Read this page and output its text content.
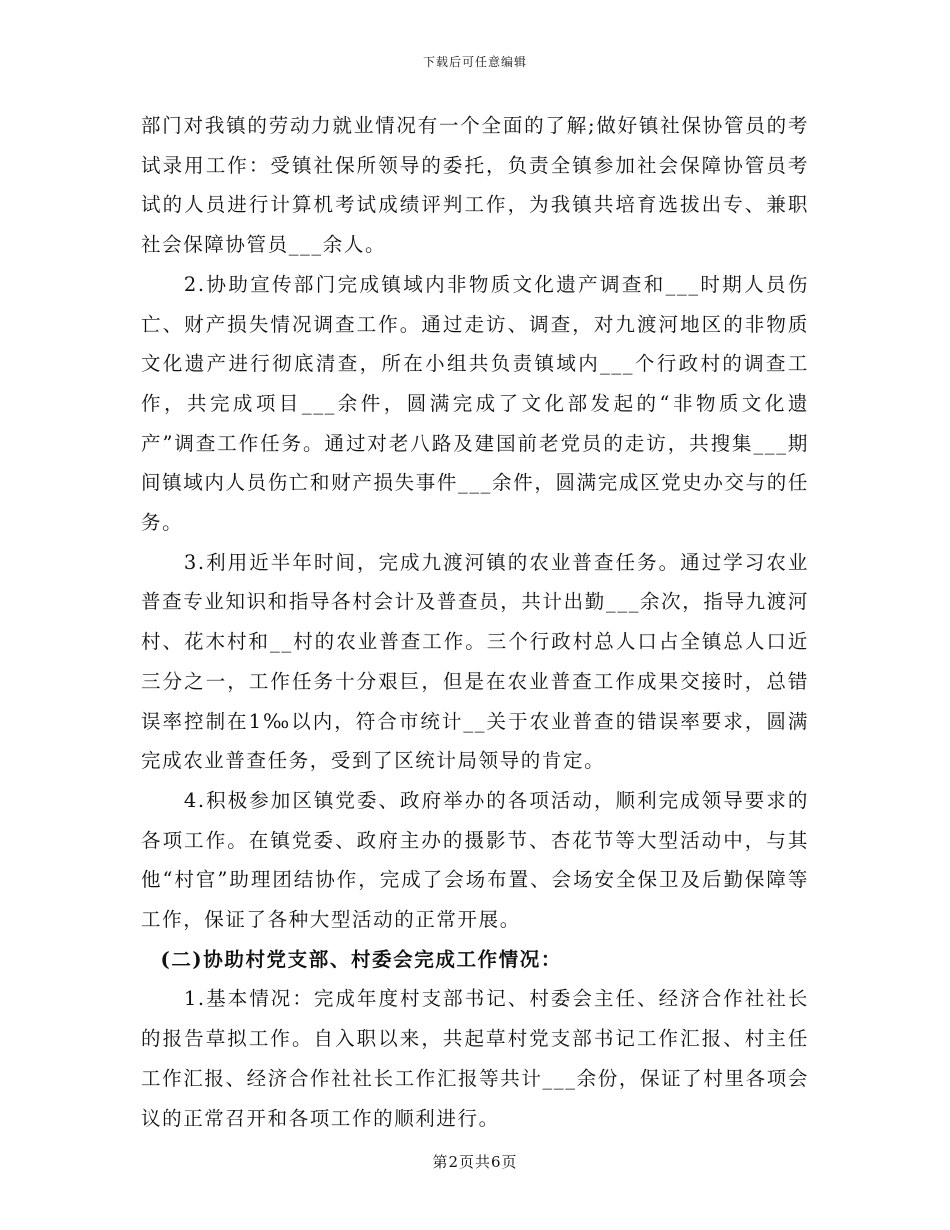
下载后可任意编辑

部门对我镇的劳动力就业情况有一个全面的了解;做好镇社保协管员的考试录用工作：受镇社保所领导的委托，负责全镇参加社会保障协管员考试的人员进行计算机考试成绩评判工作，为我镇共培育选拔出专、兼职社会保障协管员___余人。

2.协助宣传部门完成镇域内非物质文化遗产调查和___时期人员伤亡、财产损失情况调查工作。通过走访、调查，对九渡河地区的非物质文化遗产进行彻底清查，所在小组共负责镇域内___个行政村的调查工作，共完成项目___余件，圆满完成了文化部发起的“非物质文化遗产”调查工作任务。通过对老八路及建国前老党员的走访，共搜集___期间镇域内人员伤亡和财产损失事件___余件，圆满完成区党史办交与的任务。

3.利用近半年时间，完成九渡河镇的农业普查任务。通过学习农业普查专业知识和指导各村会计及普查员，共计出勤___余次，指导九渡河村、花木村和__村的农业普查工作。三个行政村总人口占全镇总人口近三分之一，工作任务十分艰巨，但是在农业普查工作成果交接时，总错误率控制在1‰以内，符合市统计__关于农业普查的错误率要求，圆满完成农业普查任务，受到了区统计局领导的肯定。

4.积极参加区镇党委、政府举办的各项活动，顺利完成领导要求的各项工作。在镇党委、政府主办的摄影节、杏花节等大型活动中，与其他“村官”助理团结协作，完成了会场布置、会场安全保卫及后勤保障等工作，保证了各种大型活动的正常开展。

(二)协助村党支部、村委会完成工作情况：

1.基本情况：完成年度村支部书记、村委会主任、经济合作社社长的报告草拟工作。自入职以来，共起草村党支部书记工作汇报、村主任工作汇报、经济合作社社长工作汇报等共计___余份，保证了村里各项会议的正常召开和各项工作的顺利进行。

第2页共6页
